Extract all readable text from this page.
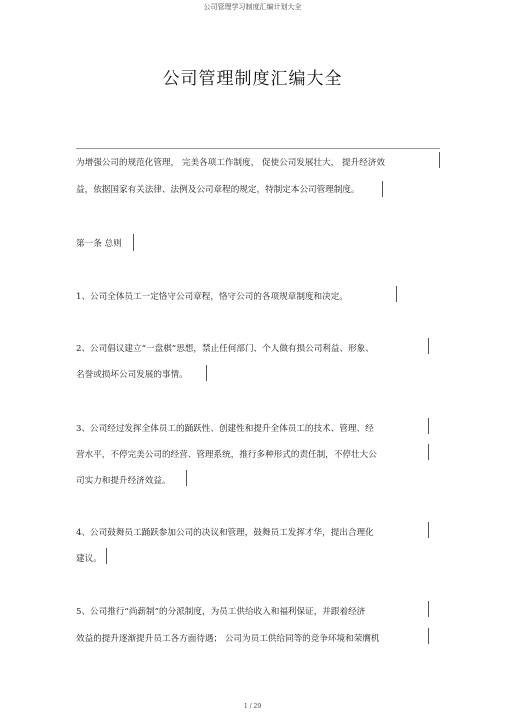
公司管理学习制度汇编计划大全
公司管理制度汇编大全
为增强公司的规范化管理， 完美各项工作制度， 促使公司发展壮大， 提升经济效
益，依据国家有关法律、法例及公司章程的规定，特制定本公司管理制度。
第一条 总则
1、公司全体员工一定恪守公司章程，恪守公司的各项规章制度和决定。
2、公司倡议建立“一盘棋”思想，禁止任何部门、个人做有损公司利益、形象、
名誉或损坏公司发展的事情。
3、公司经过发挥全体员工的踊跃性、创建性和提升全体员工的技术、管理、经
营水平，不停完美公司的经营、管理系统，推行多种形式的责任制，不停壮大公
司实力和提升经济效益。
4、公司鼓舞员工踊跃参加公司的决议和管理，鼓舞员工发挥才华，提出合理化
建议。
5、公司推行“尚薪制”的分派制度，为员工供给收入和福利保证，并跟着经济
效益的提升逐渐提升员工各方面待遇； 公司为员工供给同等的竞争环境和荣膺机
1 / 29
